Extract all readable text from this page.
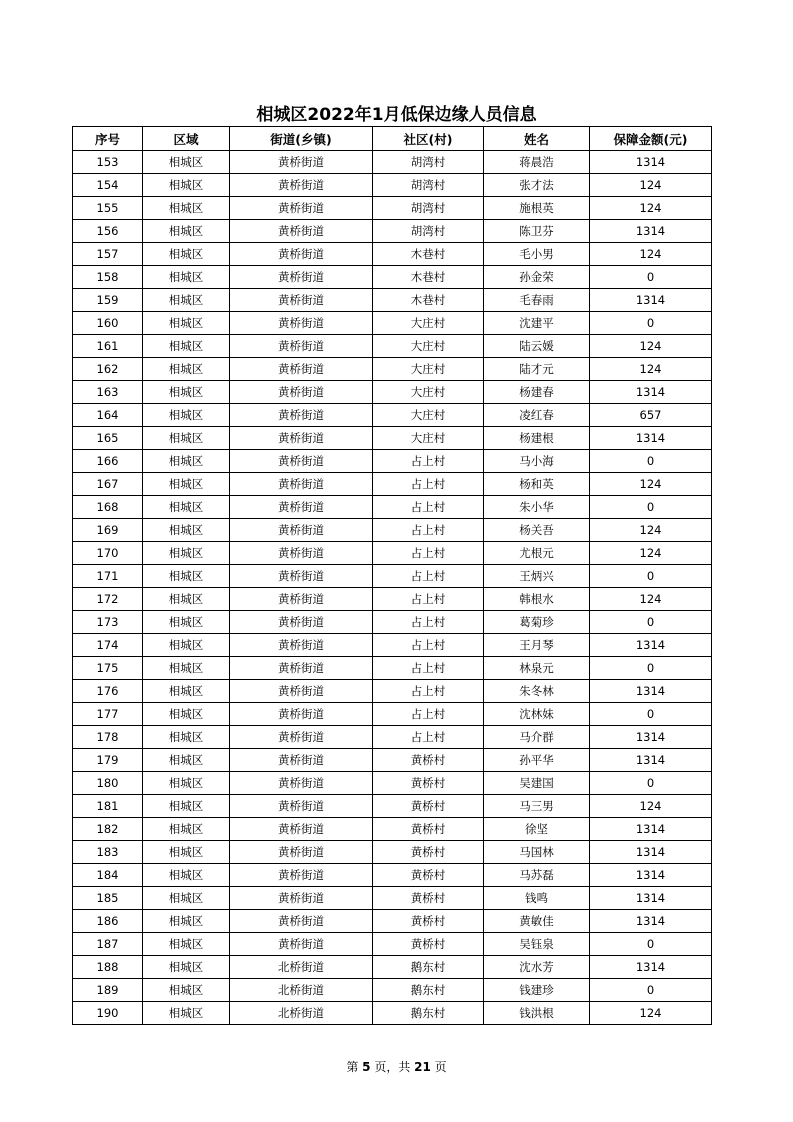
相城区2022年1月低保边缘人员信息
序号	区域	街道(乡镇)	社区(村)	姓名	保障金额(元)
153	相城区	黄桥街道	胡湾村	蒋晨浩	1314
154	相城区	黄桥街道	胡湾村	张才法	124
155	相城区	黄桥街道	胡湾村	施根英	124
156	相城区	黄桥街道	胡湾村	陈卫芬	1314
157	相城区	黄桥街道	木巷村	毛小男	124
158	相城区	黄桥街道	木巷村	孙金荣	0
159	相城区	黄桥街道	木巷村	毛春雨	1314
160	相城区	黄桥街道	大庄村	沈建平	0
161	相城区	黄桥街道	大庄村	陆云媛	124
162	相城区	黄桥街道	大庄村	陆才元	124
163	相城区	黄桥街道	大庄村	杨建春	1314
164	相城区	黄桥街道	大庄村	凌红春	657
165	相城区	黄桥街道	大庄村	杨建根	1314
166	相城区	黄桥街道	占上村	马小海	0
167	相城区	黄桥街道	占上村	杨和英	124
168	相城区	黄桥街道	占上村	朱小华	0
169	相城区	黄桥街道	占上村	杨关吾	124
170	相城区	黄桥街道	占上村	尤根元	124
171	相城区	黄桥街道	占上村	王炳兴	0
172	相城区	黄桥街道	占上村	韩根水	124
173	相城区	黄桥街道	占上村	葛菊珍	0
174	相城区	黄桥街道	占上村	王月琴	1314
175	相城区	黄桥街道	占上村	林泉元	0
176	相城区	黄桥街道	占上村	朱冬林	1314
177	相城区	黄桥街道	占上村	沈林妹	0
178	相城区	黄桥街道	占上村	马介群	1314
179	相城区	黄桥街道	黄桥村	孙平华	1314
180	相城区	黄桥街道	黄桥村	吴建国	0
181	相城区	黄桥街道	黄桥村	马三男	124
182	相城区	黄桥街道	黄桥村	徐坚	1314
183	相城区	黄桥街道	黄桥村	马国林	1314
184	相城区	黄桥街道	黄桥村	马苏磊	1314
185	相城区	黄桥街道	黄桥村	钱鸣	1314
186	相城区	黄桥街道	黄桥村	黄敏佳	1314
187	相城区	黄桥街道	黄桥村	吴钰泉	0
188	相城区	北桥街道	鹅东村	沈水芳	1314
189	相城区	北桥街道	鹅东村	钱建珍	0
190	相城区	北桥街道	鹅东村	钱洪根	124
第 5 页，共 21 页
